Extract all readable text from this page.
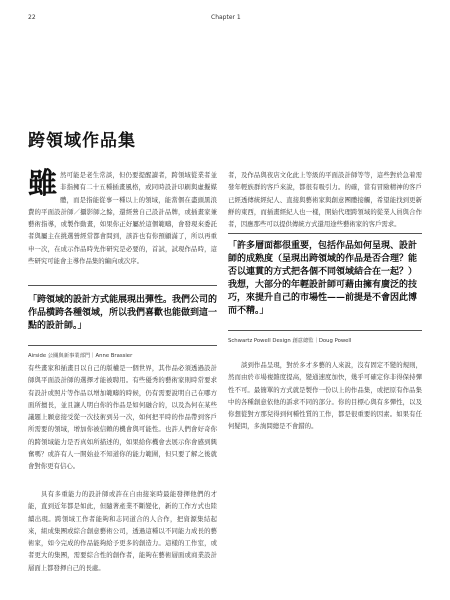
22	Chapter 1
跨領域作品集
雖然可能是老生常談，但仍要提醒讀者，跨領域從業者並非指擁有二十五種插畫風格，或同時設計印刷與虛擬媒體，而是指能從事一種以上的領域，能當個在盡頭黑浪費的平面設計師／攝影師之餘，還經營自己設計品牌，或插畫家兼藝術指導，或製作動畫，如果你正好屬於這個範疇，會發現來委託者與屬主在挑選營經常都會問到，該許也有你預顧滿了，所以再重申一次，在成示作品時先作研究是必要的，首試，試現作品時，這些研究可能會主導作品集的編向或次序。
「跨領域的設計方式能展現出彈性。我們公司的作品横跨各種領域，所以我們喜歡也能做到這一點的設計師。」
Airside 公關與新事業部門｜Anne Brassier
有些畫家和插畫目以自己的版權是一個世界，其作品必須透過設計師與平面設計師的選擇才能被聘用。有些優秀的藝術家則時常要求有設計或照片等作品以增加範疇的時候，仍有需要說明自己在哪方面所擅長，並且讓人明白你的作品是如何融合的，以及為何在某些議題上願意接受從一次技術到另一次，如何把平時的作品帶到客戶所需要的領域，增加你被信賴的機會與可能性。也許人們會好奇你的跨領域能力是否真如所描述的，如果給你機會去展示你會感到興奮嗎？或許有人一開始並不知道你的能力範圍，但只要了解之後就會對你更有信心。
具有多重能力的設計師或許在自由接案時最能發揮他們的才能，直到近年都是如此，但隨著產業不斷變化，新的工作方式也陸續出現。跨領域工作者能夠和志同道合的人合作，把資源集結起來，組成集團或綜合創意藝術公司，透過這種以不同能力成長的藝術家，如今完成的作品能夠給予更多的創造力。這樣的工作室，或者更大的集團，需要綜合性的創作者，能夠在藝術層面或商業設計層面上都發揮自己的長處。
者，及作品與夜店文化此上等級的平面設計師等等，這些對於急着需發年輕族群的客戶來說，都很有吸引力。的確，當有冒險精神的客戶已經透傳統經紀人、直接與藝術家與創意團體接觸，希望能找到更新鮮的東西，而插畫經紀人也一樣，開始代理跨領域的從業人員與合作者，因應那些可以提供傳統方式還用途些藝術家的客戶需求。
「許多層面都很重要，包括作品如何呈現、設計師的成熟度（呈現出跨領域的作品是否合理？能否以連貫的方式把各個不同領域結合在一起？）我想，大部分的年輕設計師可藉由擁有廣泛的技巧，來提升自己的市場性——前提是不會因此博而不精。」
Schwartz Powell Design 創意總監｜Doug Powell
談到作品呈現，對於多才多藝的人來說，沒有固定不變的規則，然而由於市場複雜度提高，變通速度加快，幾乎可確定你非得保持彈性不可。最簡單的方式就是製作一份以上的作品集，或把原有作品集中的各種創意依他的訴求不同的部分。你的目標心與有多彈性，以及你想從對方那兒得到何種性質的工作，都是很重要的因素。如果有任何疑問，多詢問總是不會錯的。
